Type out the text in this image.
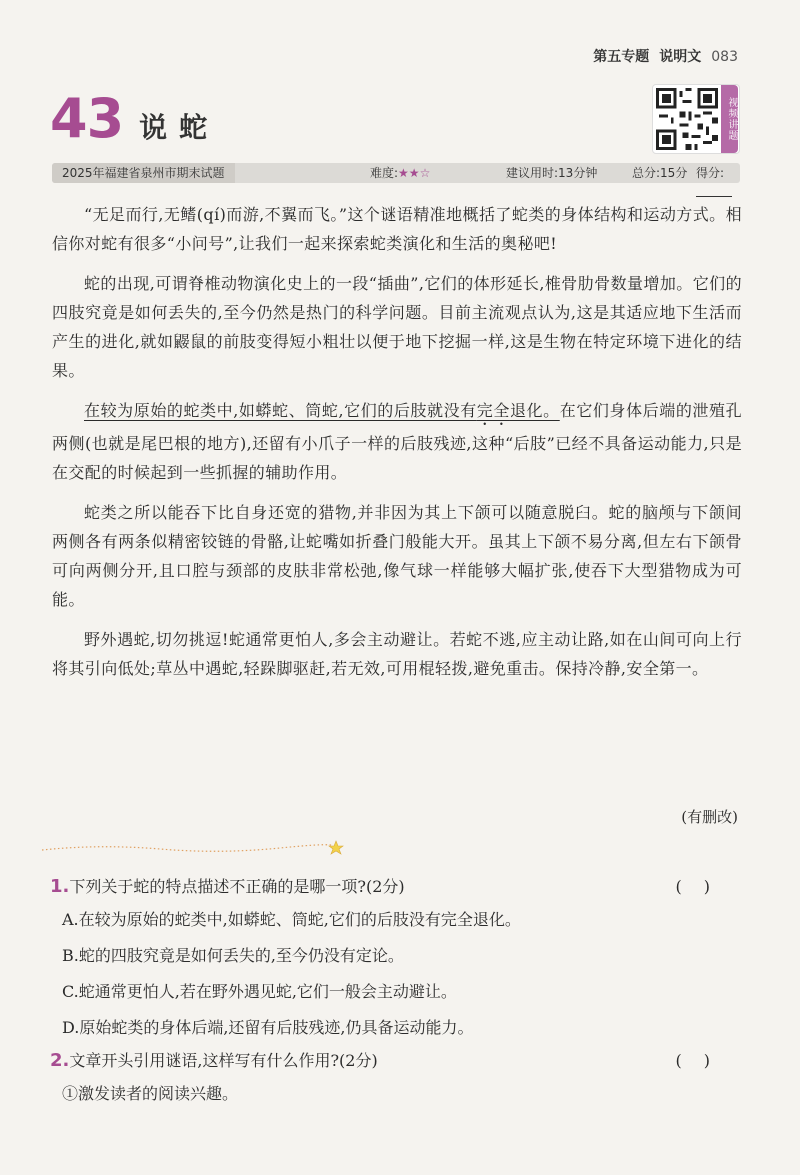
第五专题 说明文 083
43 说蛇	视频讲题
2025年福建省泉州市期末试题	难度:★★☆	建议用时:13分钟	总分:15分 得分:

“无足而行,无鳍(qí)而游,不翼而飞。”这个谜语精准地概括了蛇类的身体结构和运动方式。相信你对蛇有很多“小问号”,让我们一起来探索蛇类演化和生活的奥秘吧!

蛇的出现,可谓脊椎动物演化史上的一段“插曲”,它们的体形延长,椎骨肋骨数量增加。它们的四肢究竟是如何丢失的,至今仍然是热门的科学问题。目前主流观点认为,这是其适应地下生活而产生的进化,就如鼹鼠的前肢变得短小粗壮以便于地下挖掘一样,这是生物在特定环境下进化的结果。

在较为原始的蛇类中,如蟒蛇、筒蛇,它们的后肢就没有完全退化。在它们身体后端的泄殖孔两侧(也就是尾巴根的地方),还留有小爪子一样的后肢残迹,这种“后肢”已经不具备运动能力,只是在交配的时候起到一些抓握的辅助作用。

蛇类之所以能吞下比自身还宽的猎物,并非因为其上下颌可以随意脱臼。蛇的脑颅与下颌间两侧各有两条似精密铰链的骨骼,让蛇嘴如折叠门般能大开。虽其上下颌不易分离,但左右下颌骨可向两侧分开,且口腔与颈部的皮肤非常松弛,像气球一样能够大幅扩张,使吞下大型猎物成为可能。

野外遇蛇,切勿挑逗!蛇通常更怕人,多会主动避让。若蛇不逃,应主动让路,如在山间可向上行将其引向低处;草丛中遇蛇,轻跺脚驱赶,若无效,可用棍轻拨,避免重击。保持冷静,安全第一。

(有删改)
1.下列关于蛇的特点描述不正确的是哪一项?(2分)	()
A.在较为原始的蛇类中,如蟒蛇、筒蛇,它们的后肢没有完全退化。
B.蛇的四肢究竟是如何丢失的,至今仍没有定论。
C.蛇通常更怕人,若在野外遇见蛇,它们一般会主动避让。
D.原始蛇类的身体后端,还留有后肢残迹,仍具备运动能力。
2.文章开头引用谜语,这样写有什么作用?(2分)	()
①激发读者的阅读兴趣。
